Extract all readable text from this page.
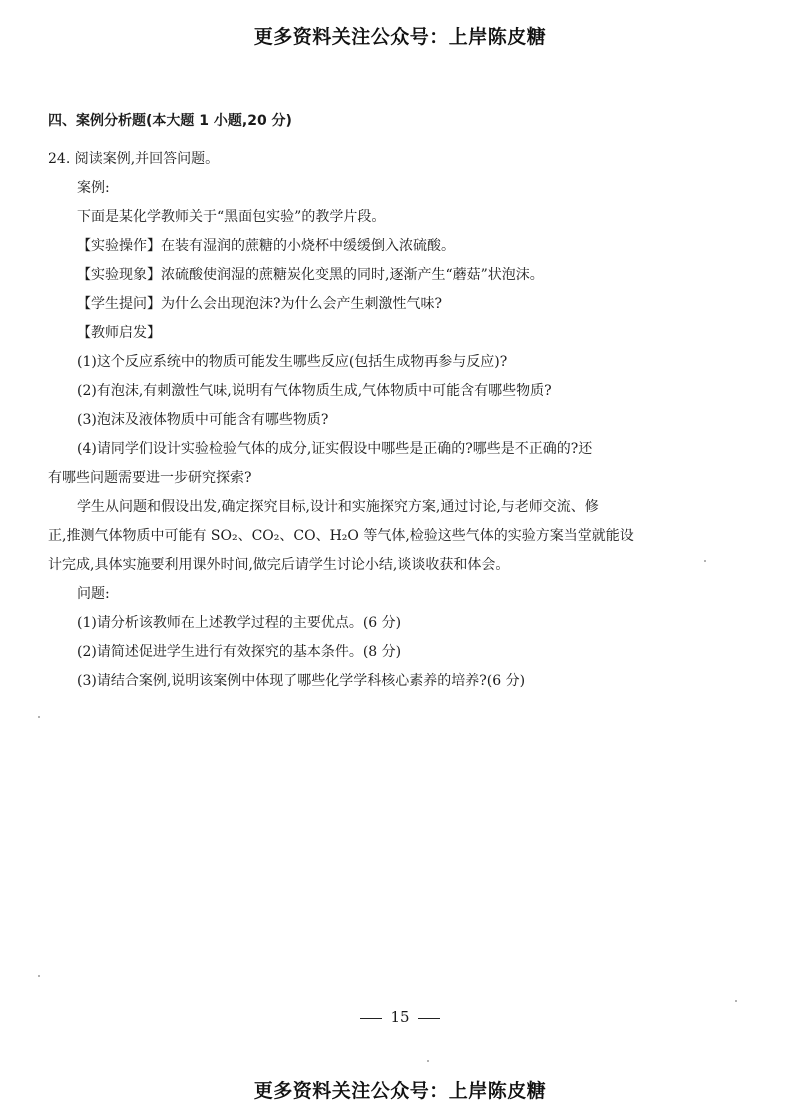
更多资料关注公众号：上岸陈皮糖
四、案例分析题(本大题 1 小题,20 分)
24. 阅读案例,并回答问题。
案例:
下面是某化学教师关于“黑面包实验”的教学片段。
【实验操作】在装有湿润的蔗糖的小烧杯中缓缓倒入浓硫酸。
【实验现象】浓硫酸使润湿的蔗糖炭化变黑的同时,逐渐产生“蘑菇”状泡沫。
【学生提问】为什么会出现泡沫?为什么会产生刺激性气味?
【教师启发】
(1)这个反应系统中的物质可能发生哪些反应(包括生成物再参与反应)?
(2)有泡沫,有刺激性气味,说明有气体物质生成,气体物质中可能含有哪些物质?
(3)泡沫及液体物质中可能含有哪些物质?
(4)请同学们设计实验检验气体的成分,证实假设中哪些是正确的?哪些是不正确的?还
有哪些问题需要进一步研究探索?
学生从问题和假设出发,确定探究目标,设计和实施探究方案,通过讨论,与老师交流、修
正,推测气体物质中可能有 SO₂、CO₂、CO、H₂O 等气体,检验这些气体的实验方案当堂就能设
计完成,具体实施要利用课外时间,做完后请学生讨论小结,谈谈收获和体会。
问题:
(1)请分析该教师在上述教学过程的主要优点。(6 分)
(2)请简述促进学生进行有效探究的基本条件。(8 分)
(3)请结合案例,说明该案例中体现了哪些化学学科核心素养的培养?(6 分)
15
更多资料关注公众号：上岸陈皮糖
